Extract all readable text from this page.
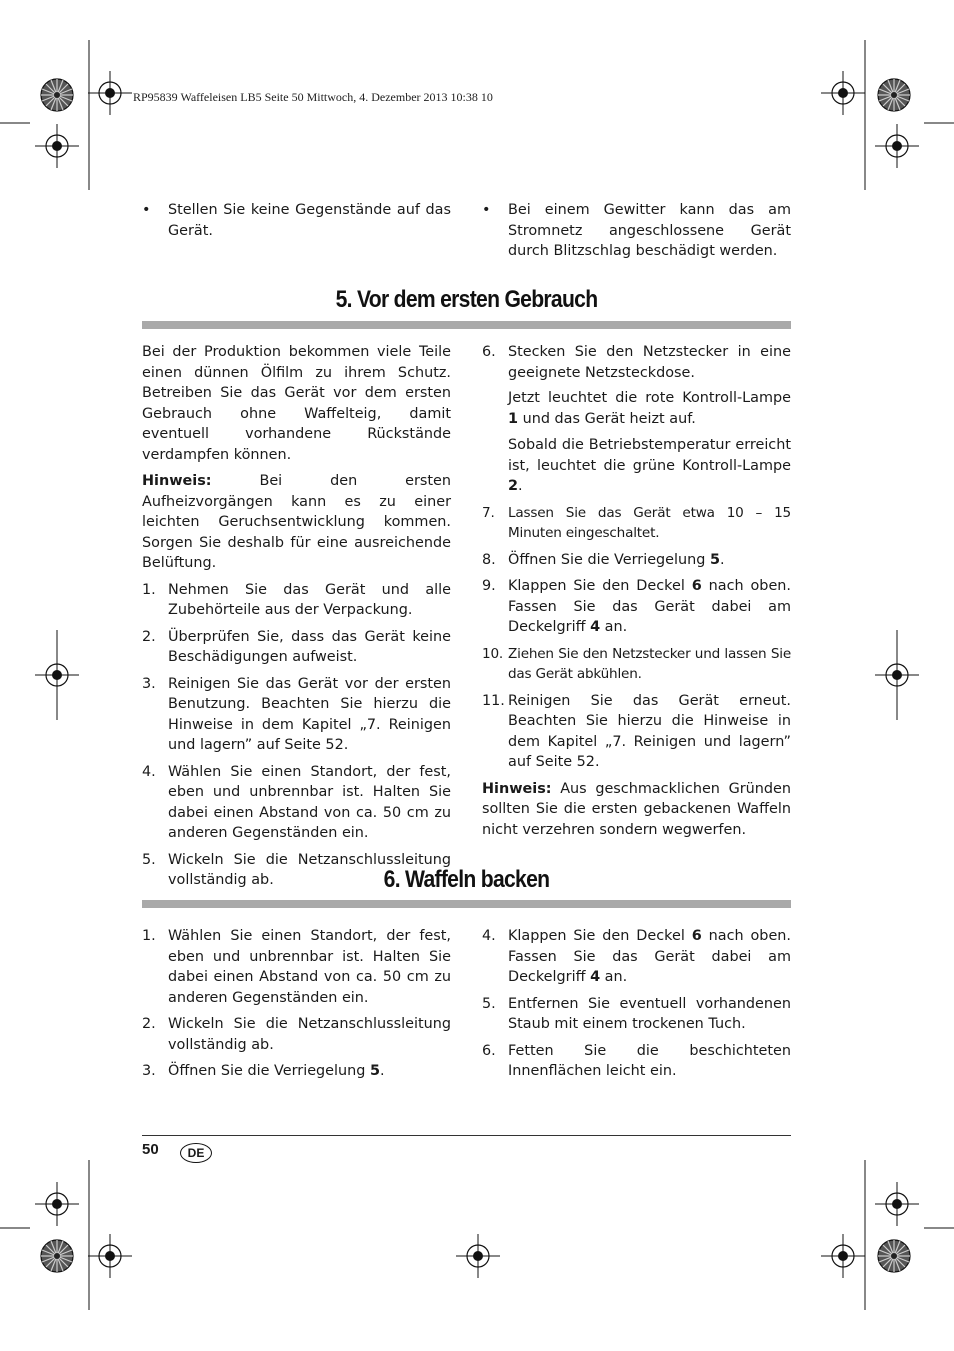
RP95839 Waffeleisen LB5 Seite 50 Mittwoch, 4. Dezember 2013 10:38 10
•	Stellen Sie keine Gegenstände auf das Gerät.
•	Bei einem Gewitter kann das am Stromnetz angeschlossene Gerät durch Blitzschlag beschädigt werden.
5. Vor dem ersten Gebrauch

Bei der Produktion bekommen viele Teile einen dünnen Ölfilm zu ihrem Schutz. Betreiben Sie das Gerät vor dem ersten Gebrauch ohne Waffelteig, damit eventuell vorhandene Rückstände verdampfen können.

Hinweis:	Bei den ersten Aufheizvorgängen kann es zu einer leichten Geruchsentwicklung kommen. Sorgen Sie deshalb für eine ausreichende Belüftung.

1. Nehmen Sie das Gerät und alle Zubehörteile aus der Verpackung.
2. Überprüfen Sie, dass das Gerät keine Beschädigungen aufweist.
3. Reinigen Sie das Gerät vor der ersten Benutzung. Beachten Sie hierzu die Hinweise in dem Kapitel „7. Reinigen und lagern” auf Seite 52.
4. Wählen Sie einen Standort, der fest, eben und unbrennbar ist. Halten Sie dabei einen Abstand von ca. 50 cm zu anderen Gegenständen ein.
5. Wickeln Sie die Netzanschlussleitung vollständig ab.
6. Stecken Sie den Netzstecker in eine geeignete Netzsteckdose.

Jetzt leuchtet die rote Kontroll-Lampe 1 und das Gerät heizt auf.

Sobald die Betriebstemperatur erreicht ist, leuchtet die grüne Kontroll-Lampe 2.

7. Lassen Sie das Gerät etwa 10 – 15 Minuten eingeschaltet.
8. Öffnen Sie die Verriegelung 5.
9. Klappen Sie den Deckel 6 nach oben. Fassen Sie das Gerät dabei am Deckelgriff 4 an.
10. Ziehen Sie den Netzstecker und lassen Sie das Gerät abkühlen.
11. Reinigen Sie das Gerät erneut. Beachten Sie hierzu die Hinweise in dem Kapitel „7. Reinigen und lagern” auf Seite 52.

Hinweis: Aus geschmacklichen Gründen sollten Sie die ersten gebackenen Waffeln nicht verzehren sondern wegwerfen.

6. Waffeln backen
1. Wählen Sie einen Standort, der fest, eben und unbrennbar ist. Halten Sie dabei einen Abstand von ca. 50 cm zu anderen Gegenständen ein.
2. Wickeln Sie die Netzanschlussleitung vollständig ab.
3. Öffnen Sie die Verriegelung 5.
4. Klappen Sie den Deckel 6 nach oben. Fassen Sie das Gerät dabei am Deckelgriff 4 an.
5. Entfernen Sie eventuell vorhandenen Staub mit einem trockenen Tuch.
6. Fetten Sie die beschichteten Innenflächen leicht ein.
50	DE
